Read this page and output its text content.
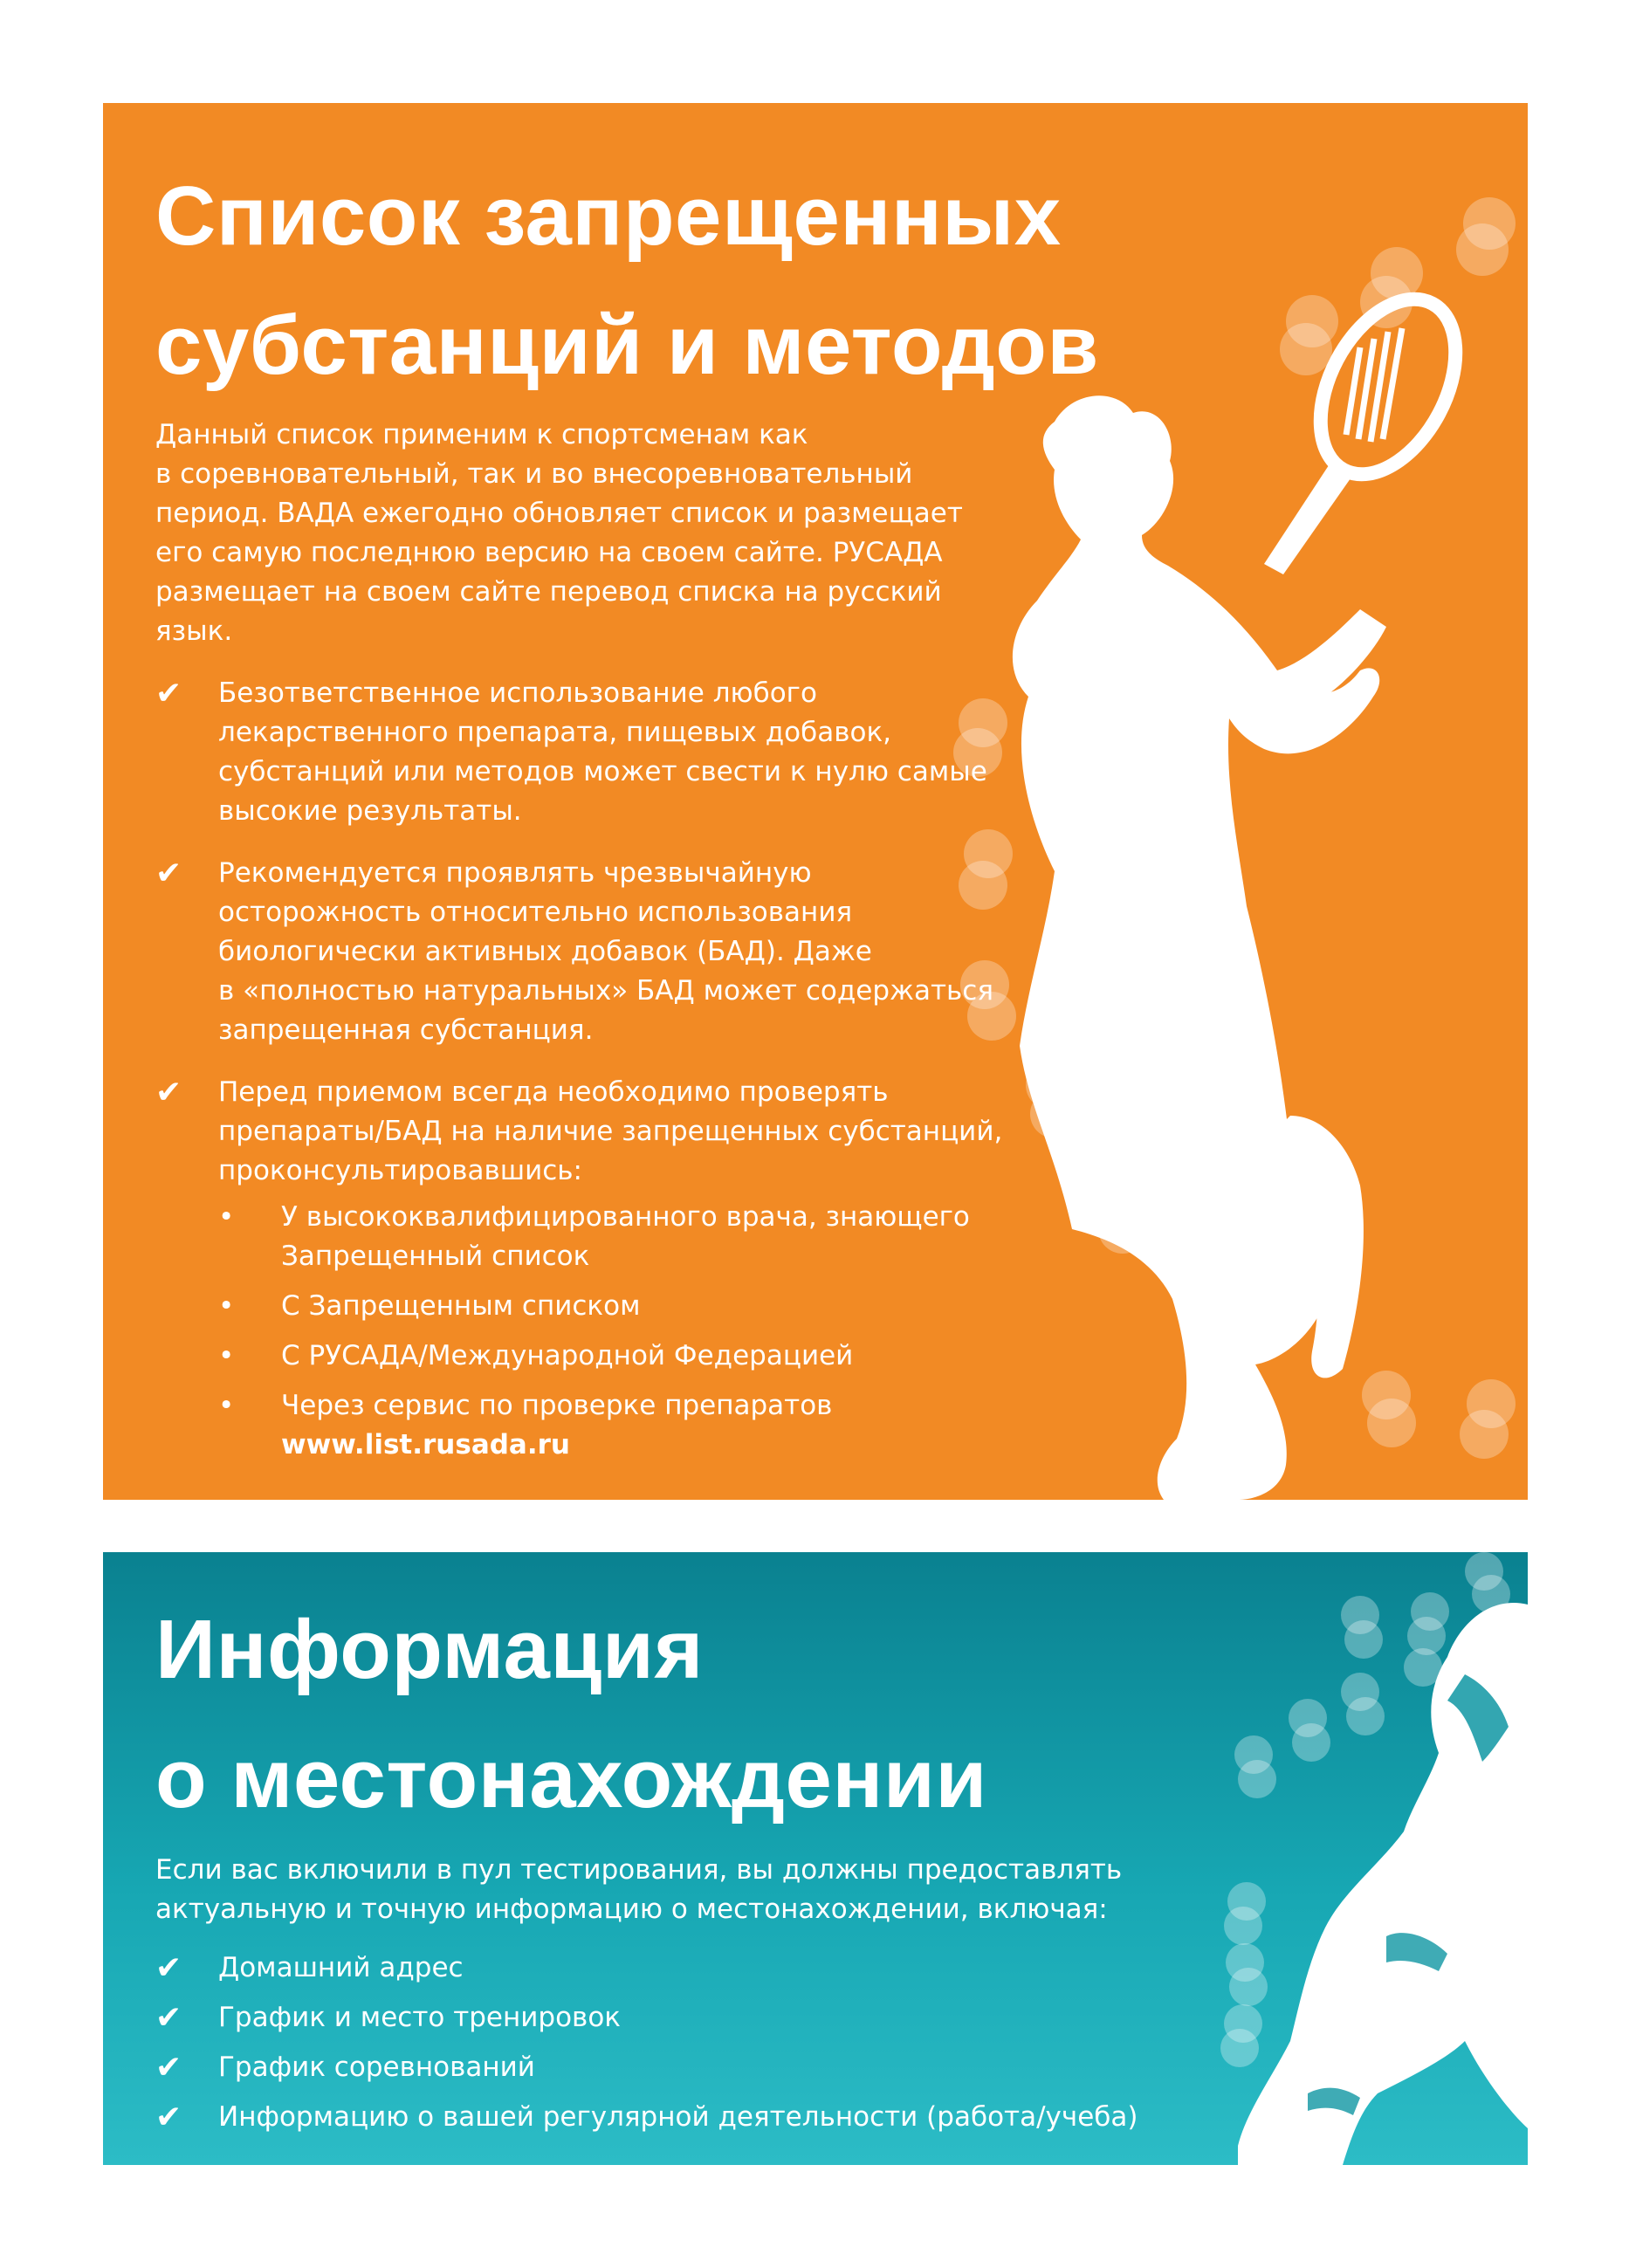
Список запрещенных
субстанций и методов

Данный список применим к спортсменам как
в соревновательный, так и во внесоревновательный
период. ВАДА ежегодно обновляет список и размещает
его самую последнюю версию на своем сайте. РУСАДА
размещает на своем сайте перевод списка на русский
язык.

✔ Безответственное использование любого
лекарственного препарата, пищевых добавок,
субстанций или методов может свести к нулю самые
высокие результаты.
✔ Рекомендуется проявлять чрезвычайную
осторожность относительно использования
биологически активных добавок (БАД). Даже
в «полностью натуральных» БАД может содержаться
запрещенная субстанция.
✔ Перед приемом всегда необходимо проверять
препараты/БАД на наличие запрещенных субстанций,
проконсультировавшись:
• У высококвалифицированного врача, знающего
Запрещенный список
• С Запрещенным списком
• С РУСАДА/Международной Федерацией
• Через сервис по проверке препаратов www.list.rusada.ru
Информация
о местонахождении

Если вас включили в пул тестирования, вы должны предоставлять
актуальную и точную информацию о местонахождении, включая:

✔ Домашний адрес
✔ График и место тренировок
✔ График соревнований
✔ Информацию о вашей регулярной деятельности (работа/учеба)
